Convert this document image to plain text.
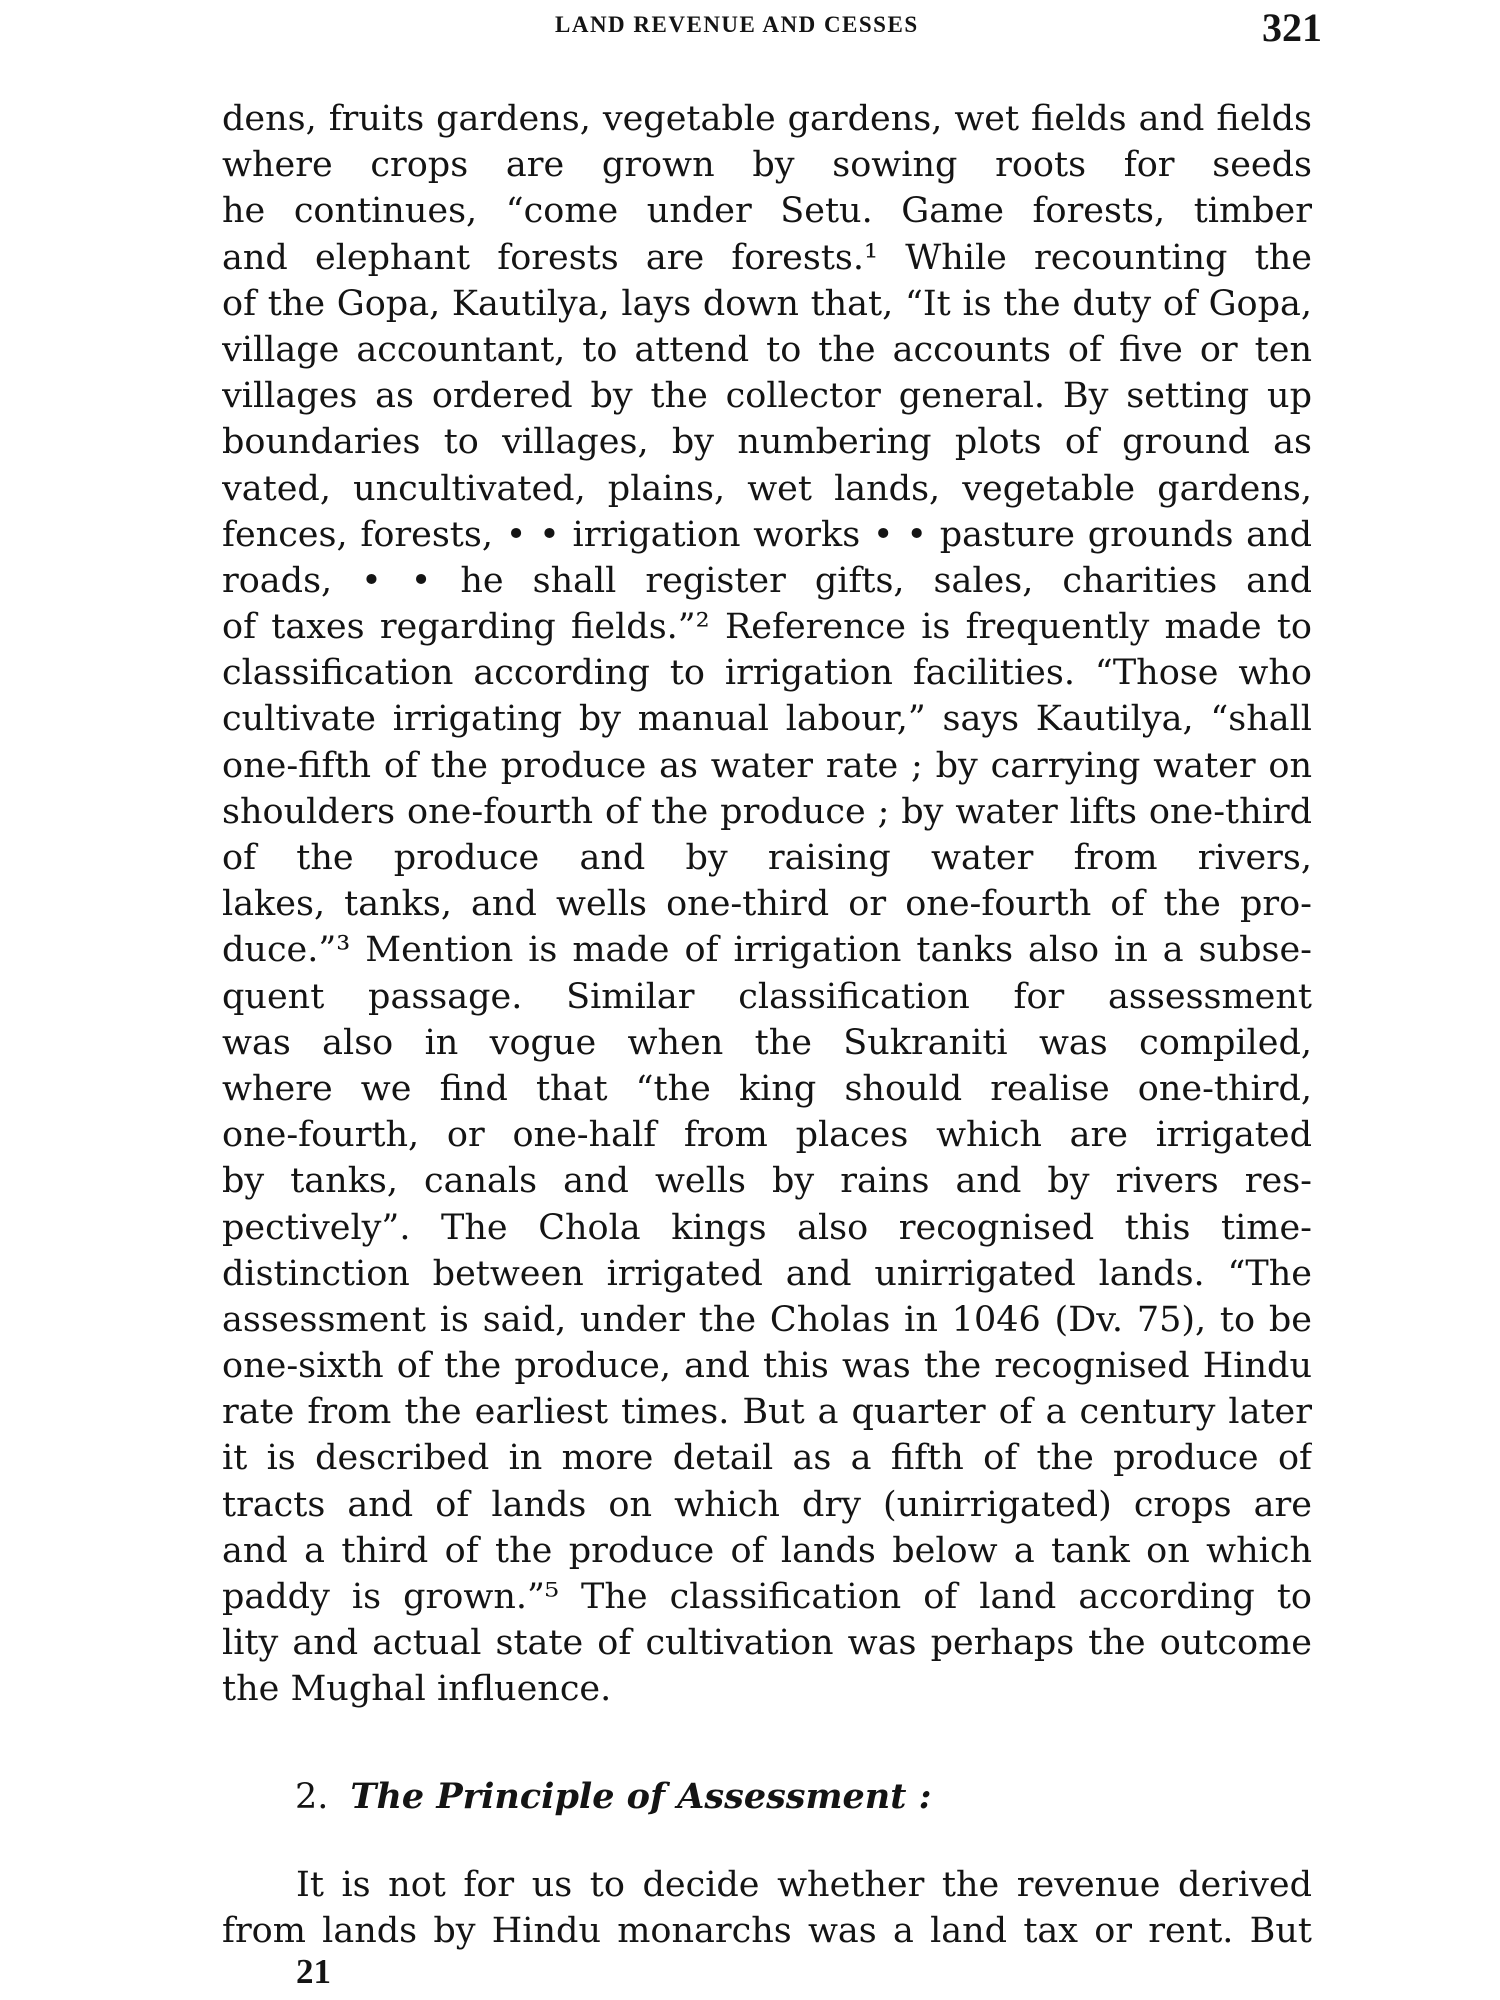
LAND REVENUE AND CESSES	321
dens, fruits gardens, vegetable gardens, wet fields and fields
where crops are grown by sowing roots for seeds
he continues, “come under Setu. Game forests, timber
and elephant forests are forests.¹ While recounting the
of the Gopa, Kautilya, lays down that, “It is the duty of Gopa,
village accountant, to attend to the accounts of five or ten
villages as ordered by the collector general. By setting up
boundaries to villages, by numbering plots of ground as
vated, uncultivated, plains, wet lands, vegetable gardens,
fences, forests, • • irrigation works • • pasture grounds and
roads, • • he shall register gifts, sales, charities and
of taxes regarding fields.”² Reference is frequently made to
classification according to irrigation facilities. “Those who
cultivate irrigating by manual labour,” says Kautilya, “shall
one-fifth of the produce as water rate ; by carrying water on
shoulders one-fourth of the produce ; by water lifts one-third
of the produce and by raising water from rivers,
lakes, tanks, and wells one-third or one-fourth of the pro-
duce.”³ Mention is made of irrigation tanks also in a subse-
quent passage. Similar classification for assessment
was also in vogue when the Sukraniti was compiled,
where we find that “the king should realise one-third,
one-fourth, or one-half from places which are irrigated
by tanks, canals and wells by rains and by rivers res-
pectively”. The Chola kings also recognised this time-
distinction between irrigated and unirrigated lands. “The
assessment is said, under the Cholas in 1046 (Dv. 75), to be
one-sixth of the produce, and this was the recognised Hindu
rate from the earliest times. But a quarter of a century later
it is described in more detail as a fifth of the produce of
tracts and of lands on which dry (unirrigated) crops are
and a third of the produce of lands below a tank on which
paddy is grown.”⁵ The classification of land according to
lity and actual state of cultivation was perhaps the outcome
the Mughal influence.
2. The Principle of Assessment :
It is not for us to decide whether the revenue derived
from lands by Hindu monarchs was a land tax or rent. But
21
